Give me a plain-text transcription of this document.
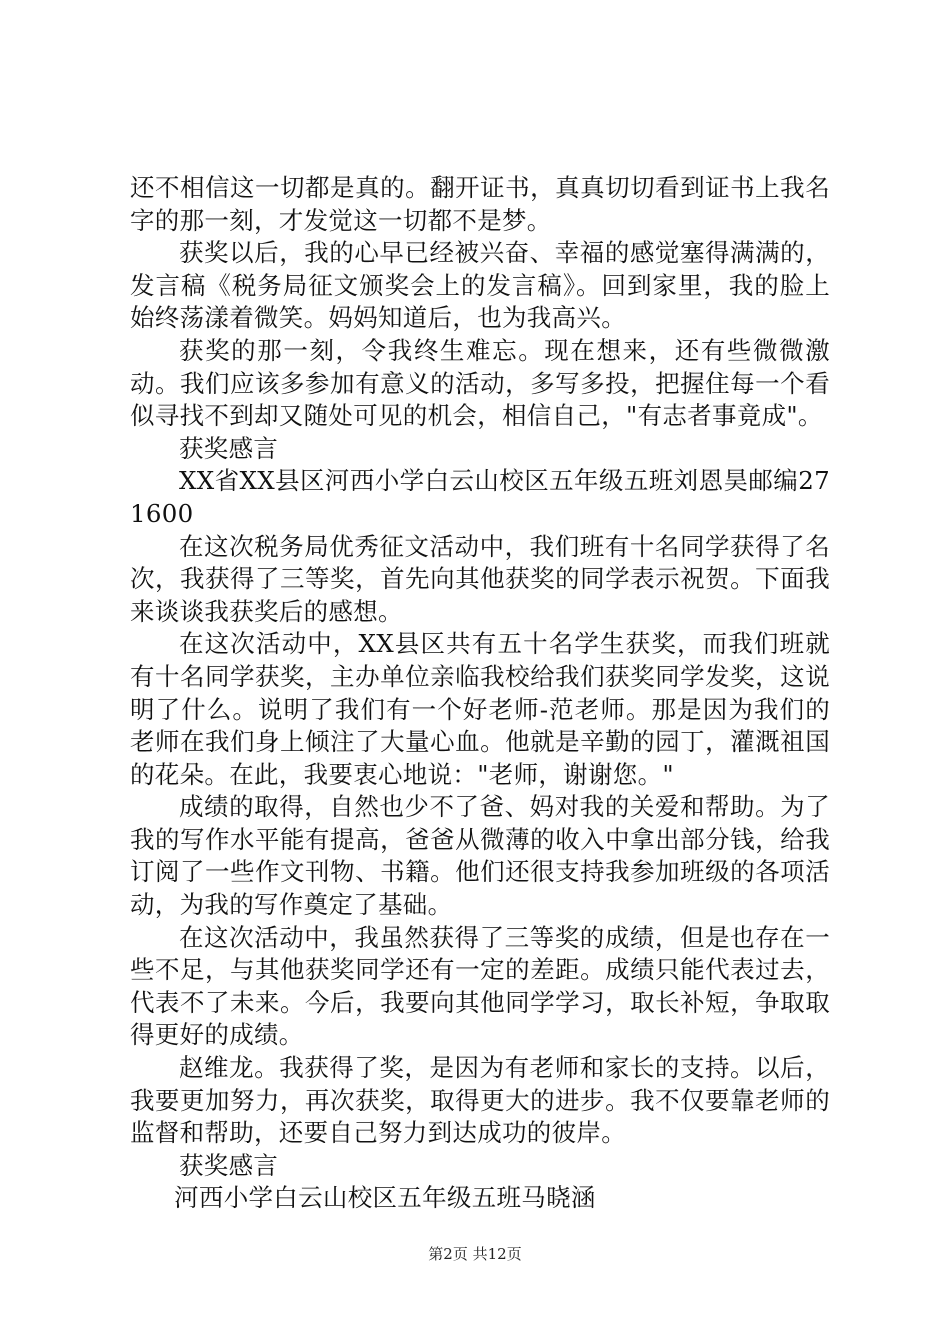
还不相信这一切都是真的。翻开证书，真真切切看到证书上我名字的那一刻，才发觉这一切都不是梦。

获奖以后，我的心早已经被兴奋、幸福的感觉塞得满满的，发言稿《税务局征文颁奖会上的发言稿》。回到家里，我的脸上始终荡漾着微笑。妈妈知道后，也为我高兴。

获奖的那一刻，令我终生难忘。现在想来，还有些微微激动。我们应该多参加有意义的活动，多写多投，把握住每一个看似寻找不到却又随处可见的机会，相信自己，"有志者事竟成"。

获奖感言

XX省XX县区河西小学白云山校区五年级五班刘恩昊邮编271600

在这次税务局优秀征文活动中，我们班有十名同学获得了名次，我获得了三等奖，首先向其他获奖的同学表示祝贺。下面我来谈谈我获奖后的感想。

在这次活动中，XX县区共有五十名学生获奖，而我们班就有十名同学获奖，主办单位亲临我校给我们获奖同学发奖，这说明了什么。说明了我们有一个好老师-范老师。那是因为我们的老师在我们身上倾注了大量心血。他就是辛勤的园丁，灌溉祖国的花朵。在此，我要衷心地说："老师，谢谢您。"

成绩的取得，自然也少不了爸、妈对我的关爱和帮助。为了我的写作水平能有提高，爸爸从微薄的收入中拿出部分钱，给我订阅了一些作文刊物、书籍。他们还很支持我参加班级的各项活动，为我的写作奠定了基础。

在这次活动中，我虽然获得了三等奖的成绩，但是也存在一些不足，与其他获奖同学还有一定的差距。成绩只能代表过去，代表不了未来。今后，我要向其他同学学习，取长补短，争取取得更好的成绩。

赵维龙。我获得了奖，是因为有老师和家长的支持。以后，我要更加努力，再次获奖，取得更大的进步。我不仅要靠老师的监督和帮助，还要自己努力到达成功的彼岸。

获奖感言

河西小学白云山校区五年级五班马晓涵

第2页 共12页
